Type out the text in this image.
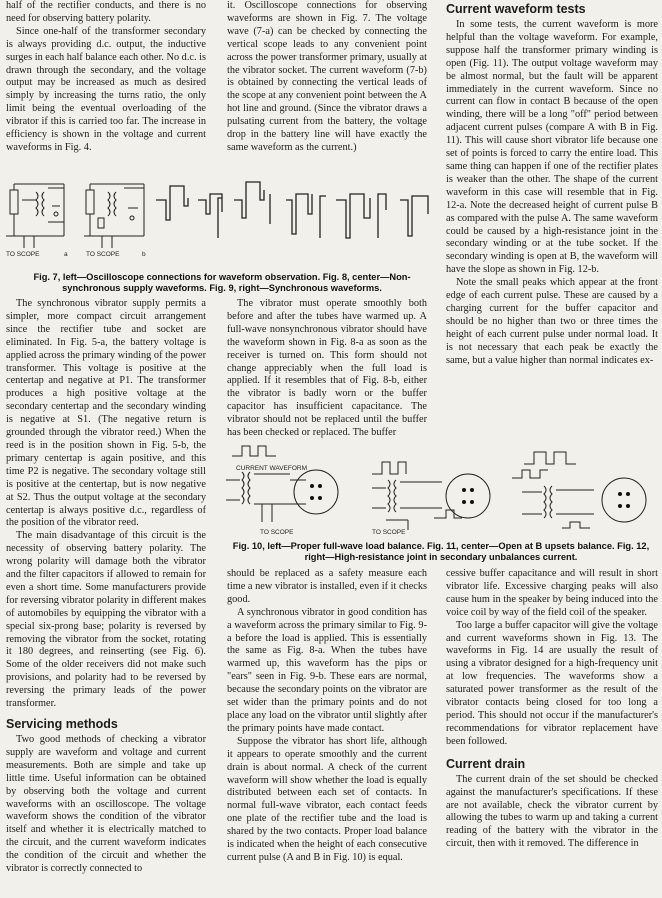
half of the rectifier conducts, and there is no need for observing battery polarity.

Since one-half of the transformer secondary is always providing d.c. output, the inductive surges in each half balance each other. No d.c. is drawn through the secondary, and the voltage output may be increased as much as desired simply by increasing the turns ratio, the only limit being the eventual overloading of the vibrator if this is carried too far. The increase in efficiency is shown in the voltage and current waveforms in Fig. 4.

it. Oscilloscope connections for observing waveforms are shown in Fig. 7. The voltage wave (7-a) can be checked by connecting the vertical scope leads to any convenient point across the power transformer primary, usually at the vibrator socket. The current waveform (7-b) is obtained by connecting the vertical leads of the scope at any convenient point between the A hot line and ground. (Since the vibrator draws a pulsating current from the battery, the voltage drop in the battery line will have exactly the same waveform as the current.)

Current waveform tests

In some tests, the current waveform is more helpful than the voltage waveform. For example, suppose half the transformer primary winding is open (Fig. 11). The output voltage waveform may be almost normal, but the fault will be apparent immediately in the current waveform. Since no current can flow in contact B because of the open winding, there will be a long "off" period between adjacent current pulses (compare A with B in Fig. 11). This will cause short vibrator life because one set of points is forced to carry the entire load. This same thing can happen if one of the rectifier plates is weaker than the other. The shape of the current waveform in this case will resemble that in Fig. 12-a. Note the decreased height of current pulse B as compared with the pulse A. The same waveform could be caused by a high-resistance joint in the secondary winding or at the tube socket. If the secondary winding is open at B, the waveform will have the slope as shown in Fig. 12-b.

Note the small peaks which appear at the front edge of each current pulse. These are caused by a charging current for the buffer capacitor and should be no higher than two or three times the height of each current pulse under normal load. It is not necessary that each peak be exactly the same, but a value higher than normal indicates ex-

TO SCOPE	a	TO SCOPE	b
Fig. 7, left—Oscilloscope connections for waveform observation. Fig. 8, center—Non-synchronous supply waveforms. Fig. 9, right—Synchronous waveforms.

The synchronous vibrator supply permits a simpler, more compact circuit arrangement since the rectifier tube and socket are eliminated. In Fig. 5-a, the battery voltage is applied across the primary winding of the power transformer. This voltage is positive at the centertap and negative at P1. The transformer produces a high positive voltage at the secondary centertap and the secondary winding is negative at S1. (The negative return is grounded through the vibrator reed.) When the reed is in the position shown in Fig. 5-b, the primary centertap is again positive, and this time P2 is negative. The secondary voltage still is positive at the centertap, but is now negative at S2. Thus the output voltage at the secondary centertap is always positive d.c., regardless of the position of the vibrator reed.

The main disadvantage of this circuit is the necessity of observing battery polarity. The wrong polarity will damage both the vibrator and the filter capacitors if allowed to remain for even a short time. Some manufacturers provide for reversing vibrator polarity in different makes of automobiles by equipping the vibrator with a special six-prong base; polarity is reversed by removing the vibrator from the socket, rotating it 180 degrees, and reinserting (see Fig. 6). Some of the older receivers did not make such provisions, and polarity had to be reversed by reversing the primary leads of the power transformer.

Servicing methods

Two good methods of checking a vibrator supply are waveform and voltage and current measurements. Both are simple and take up little time. Useful information can be obtained by observing both the voltage and current waveforms with an oscilloscope. The voltage waveform shows the condition of the vibrator itself and whether it is electrically matched to the circuit, and the current waveform indicates the condition of the circuit and whether the vibrator is correctly connected to

The vibrator must operate smoothly both before and after the tubes have warmed up. A full-wave nonsynchronous vibrator should have the waveform shown in Fig. 8-a as soon as the receiver is turned on. This form should not change appreciably when the full load is applied. If it resembles that of Fig. 8-b, either the vibrator is badly worn or the buffer capacitor has insufficient capacitance. The vibrator should not be replaced until the buffer has been checked or replaced. The buffer

CURRENT WAVEFORM
TO SCOPE	TO SCOPE
Fig. 10, left—Proper full-wave load balance. Fig. 11, center—Open at B upsets balance. Fig. 12, right—High-resistance joint in secondary unbalances current.

should be replaced as a safety measure each time a new vibrator is installed, even if it checks good.

A synchronous vibrator in good condition has a waveform across the primary similar to Fig. 9-a before the load is applied. This is essentially the same as Fig. 8-a. When the tubes have warmed up, this waveform has the pips or "ears" seen in Fig. 9-b. These ears are normal, because the secondary points on the vibrator are set wider than the primary points and do not place any load on the vibrator until slightly after the primary points have made contact.

Suppose the vibrator has short life, although it appears to operate smoothly and the current drain is about normal. A check of the current waveform will show whether the load is equally distributed between each set of contacts. In normal full-wave vibrator, each contact feeds one plate of the rectifier tube and the load is shared by the two contacts. Proper load balance is indicated when the height of each consecutive current pulse (A and B in Fig. 10) is equal.

cessive buffer capacitance and will result in short vibrator life. Excessive charging peaks will also cause hum in the speaker by being induced into the voice coil by way of the field coil of the speaker.

Too large a buffer capacitor will give the voltage and current waveforms shown in Fig. 13. The waveforms in Fig. 14 are usually the result of using a vibrator designed for a high-frequency unit at low frequencies. The waveforms show a saturated power transformer as the result of the vibrator contacts being closed for too long a period. This should not occur if the manufacturer's recommendations for vibrator replacement have been followed.

Current drain

The current drain of the set should be checked against the manufacturer's specifications. If these are not available, check the vibrator current by allowing the tubes to warm up and taking a current reading of the battery with the vibrator in the circuit, then with it removed. The difference in
